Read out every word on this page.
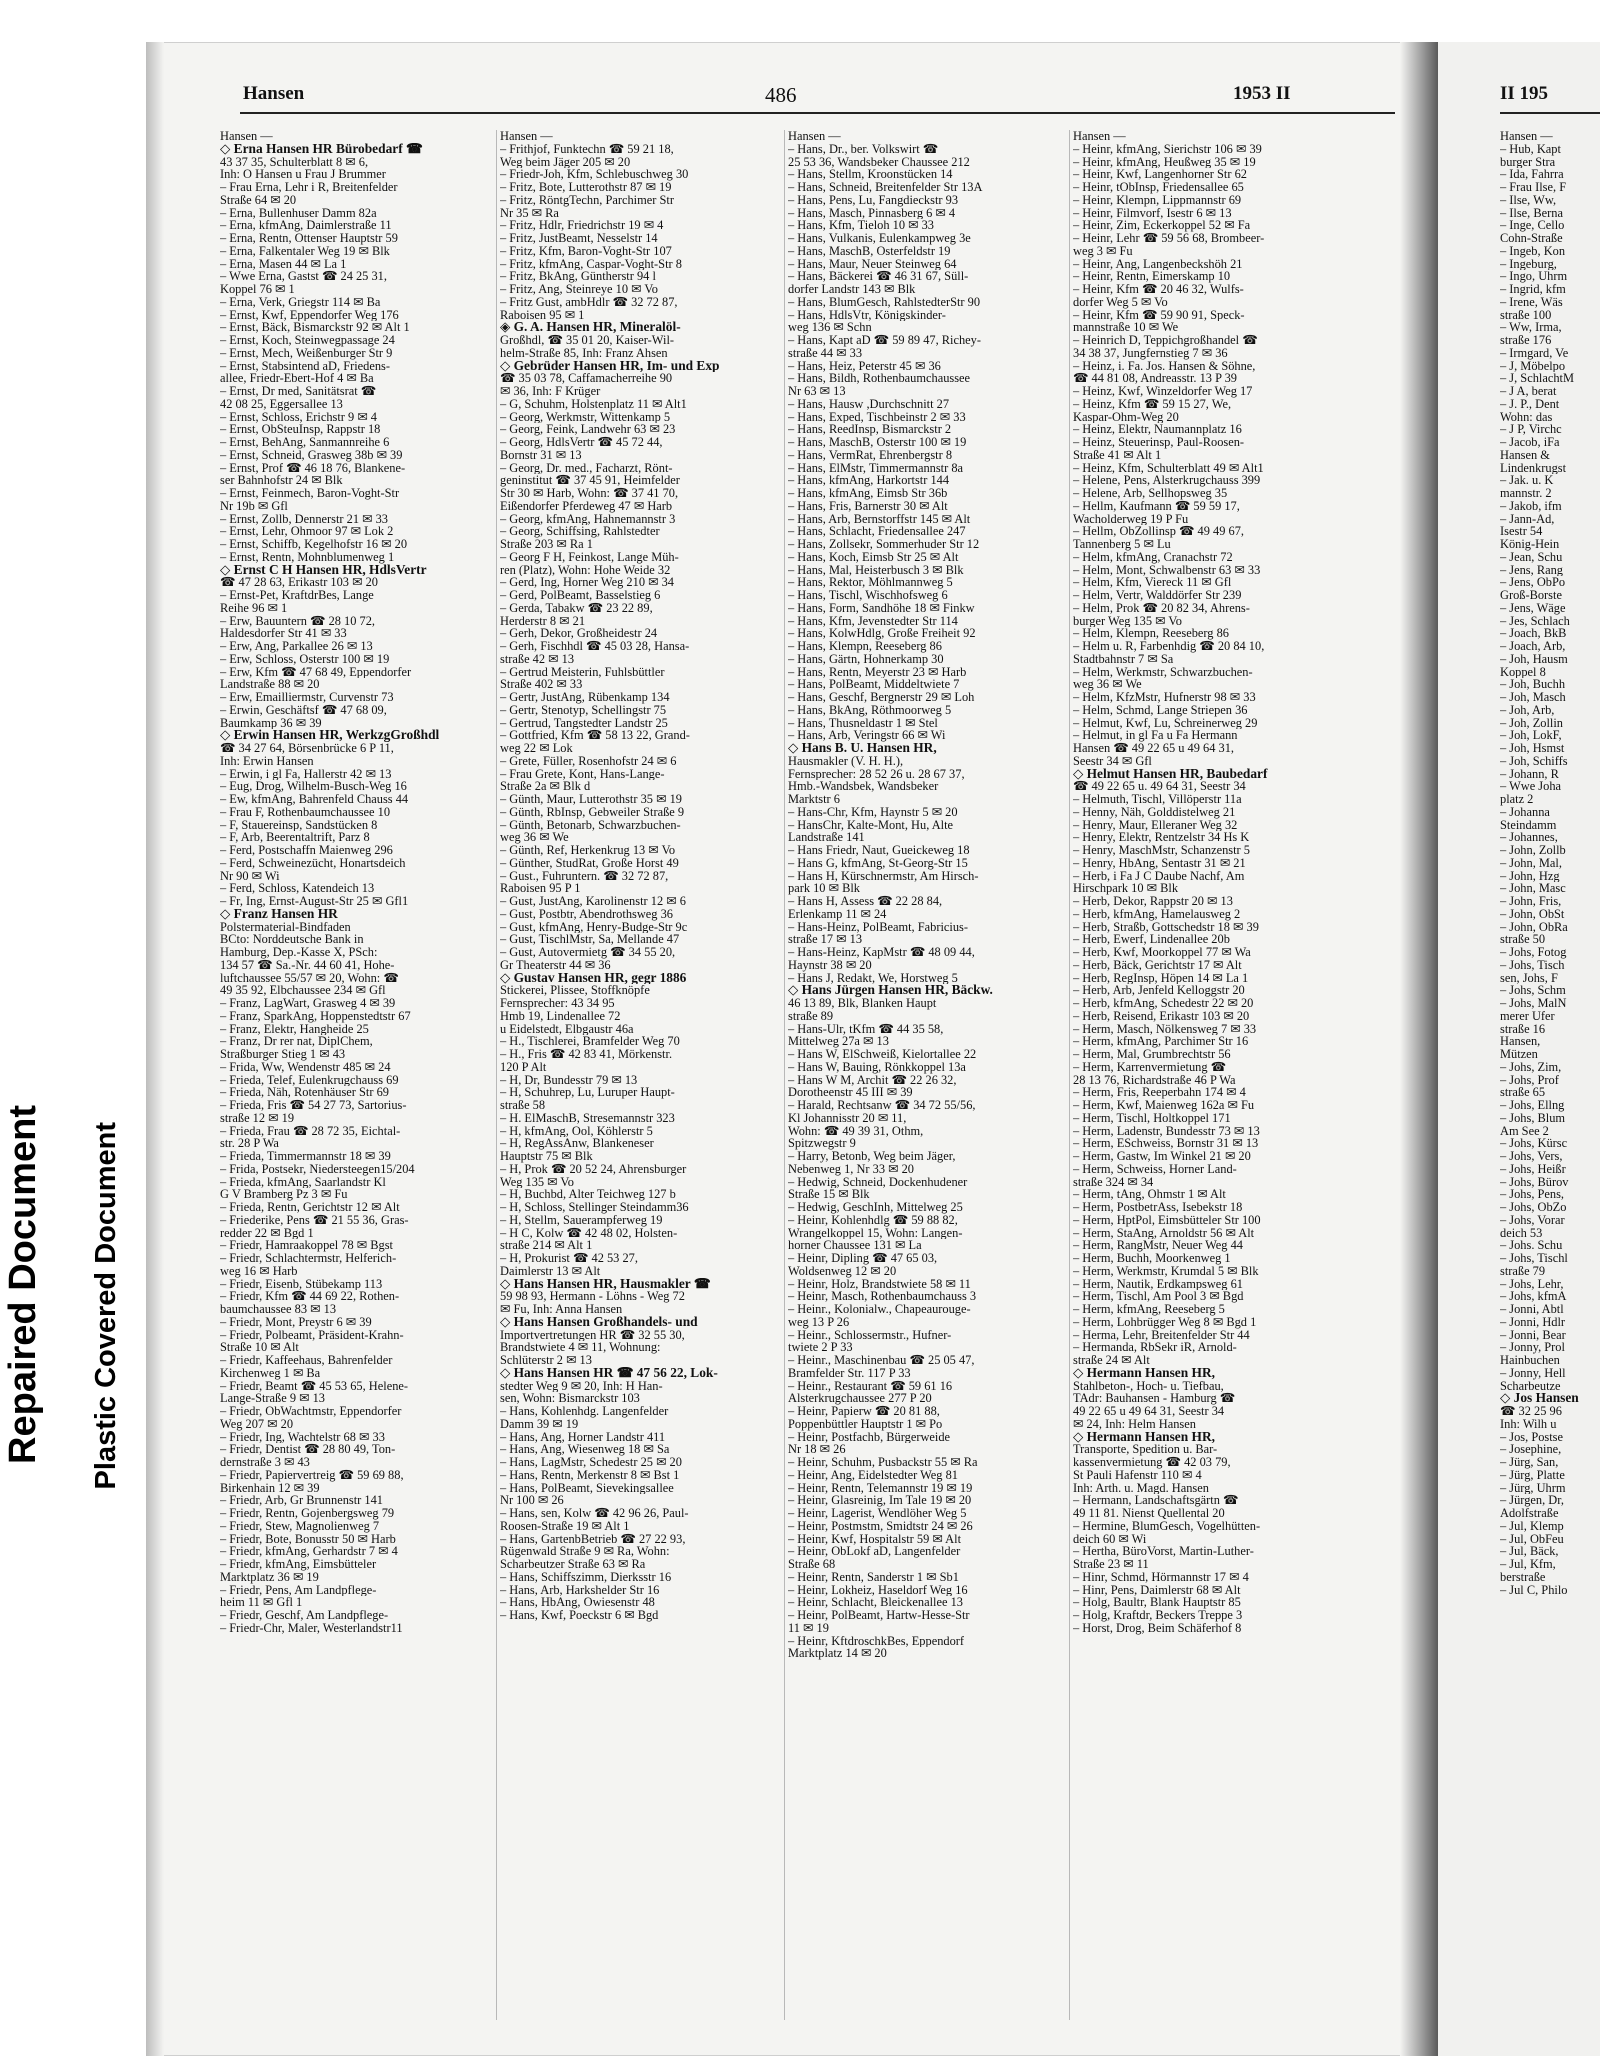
Repaired Document Plastic Covered Document
Hansen	486	1953 II	II 195
Hansen —
◇ Erna Hansen HR Bürobedarf ☎
43 37 35, Schulterblatt 8 ✉ 6,
Inh: O Hansen u Frau J Brummer
– Frau Erna, Lehr i R, Breitenfelder
Straße 64 ✉ 20
– Erna, Bullenhuser Damm 82a
– Erna, kfmAng, Daimlerstraße 11
– Erna, Rentn, Ottenser Hauptstr 59
– Erna, Falkentaler Weg 19 ✉ Blk
– Erna, Masen 44 ✉ La 1
– Wwe Erna, Gastst ☎ 24 25 31,
Koppel 76 ✉ 1
– Erna, Verk, Griegstr 114 ✉ Ba
– Ernst, Kwf, Eppendorfer Weg 176
– Ernst, Bäck, Bismarckstr 92 ✉ Alt 1
– Ernst, Koch, Steinwegpassage 24
– Ernst, Mech, Weißenburger Str 9
– Ernst, Stabsintend aD, Friedens-
allee, Friedr-Ebert-Hof 4 ✉ Ba
– Ernst, Dr med, Sanitätsrat ☎
42 08 25, Eggersallee 13
– Ernst, Schloss, Erichstr 9 ✉ 4
– Ernst, ObSteuInsp, Rappstr 18
– Ernst, BehAng, Sanmannreihe 6
– Ernst, Schneid, Grasweg 38b ✉ 39
– Ernst, Prof ☎ 46 18 76, Blankene-
ser Bahnhofstr 24 ✉ Blk
– Ernst, Feinmech, Baron-Voght-Str
Nr 19b ✉ Gfl
– Ernst, Zollb, Dennerstr 21 ✉ 33
– Ernst, Lehr, Ohmoor 97 ✉ Lok 2
– Ernst, Schiffb, Kegelhofstr 16 ✉ 20
– Ernst, Rentn, Mohnblumenweg 1
◇ Ernst C H Hansen HR, HdlsVertr
☎ 47 28 63, Erikastr 103 ✉ 20
– Ernst-Pet, KraftdrBes, Lange
Reihe 96 ✉ 1
– Erw, Bauuntern ☎ 28 10 72,
Haldesdorfer Str 41 ✉ 33
– Erw, Ang, Parkallee 26 ✉ 13
– Erw, Schloss, Osterstr 100 ✉ 19
– Erw, Kfm ☎ 47 68 49, Eppendorfer
Landstraße 88 ✉ 20
– Erw, Emailliermstr, Curvenstr 73
– Erwin, Geschäftsf ☎ 47 68 09,
Baumkamp 36 ✉ 39
◇ Erwin Hansen HR, WerkzgGroßhdl
☎ 34 27 64, Börsenbrücke 6 P 11,
Inh: Erwin Hansen
– Erwin, i gl Fa, Hallerstr 42 ✉ 13
– Eug, Drog, Wilhelm-Busch-Weg 16
– Ew, kfmAng, Bahrenfeld Chauss 44
– Frau F, Rothenbaumchaussee 10
– F, Stauereinsp, Sandstücken 8
– F, Arb, Beerentaltrift, Parz 8
– Ferd, Postschaffn Maienweg 296
– Ferd, Schweinezücht, Honartsdeich
Nr 90 ✉ Wi
– Ferd, Schloss, Katendeich 13
– Fr, Ing, Ernst-August-Str 25 ✉ Gfl1
◇ Franz Hansen HR
Polstermaterial-Bindfaden
BCto: Norddeutsche Bank in
Hamburg, Dep.-Kasse X, PSch:
134 57 ☎ Sa.-Nr. 44 60 41, Hohe-
luftchaussee 55/57 ✉ 20, Wohn: ☎
49 35 92, Elbchaussee 234 ✉ Gfl
– Franz, LagWart, Grasweg 4 ✉ 39
– Franz, SparkAng, Hoppenstedtstr 67
– Franz, Elektr, Hangheide 25
– Franz, Dr rer nat, DiplChem,
Straßburger Stieg 1 ✉ 43
– Frida, Ww, Wendenstr 485 ✉ 24
– Frieda, Telef, Eulenkrugchauss 69
– Frieda, Näh, Rotenhäuser Str 69
– Frieda, Fris ☎ 54 27 73, Sartorius-
straße 12 ✉ 19
– Frieda, Frau ☎ 28 72 35, Eichtal-
str. 28 P Wa
– Frieda, Timmermannstr 18 ✉ 39
– Frida, Postsekr, Niedersteegen15/204
– Frieda, kfmAng, Saarlandstr Kl
G V Bramberg Pz 3 ✉ Fu
– Frieda, Rentn, Gerichtstr 12 ✉ Alt
– Friederike, Pens ☎ 21 55 36, Gras-
redder 22 ✉ Bgd 1
– Friedr, Hamraakoppel 78 ✉ Bgst
– Friedr, Schlachtermstr, Helferich-
weg 16 ✉ Harb
– Friedr, Eisenb, Stübekamp 113
– Friedr, Kfm ☎ 44 69 22, Rothen-
baumchaussee 83 ✉ 13
– Friedr, Mont, Preystr 6 ✉ 39
– Friedr, Polbeamt, Präsident-Krahn-
Straße 10 ✉ Alt
– Friedr, Kaffeehaus, Bahrenfelder
Kirchenweg 1 ✉ Ba
– Friedr, Beamt ☎ 45 53 65, Helene-
Lange-Straße 9 ✉ 13
– Friedr, ObWachtmstr, Eppendorfer
Weg 207 ✉ 20
– Friedr, Ing, Wachtelstr 68 ✉ 33
– Friedr, Dentist ☎ 28 80 49, Ton-
dernstraße 3 ✉ 43
– Friedr, Papiervertreig ☎ 59 69 88,
Birkenhain 12 ✉ 39
– Friedr, Arb, Gr Brunnenstr 141
– Friedr, Rentn, Gojenbergsweg 79
– Friedr, Stew, Magnolienweg 7
– Friedr, Bote, Bonusstr 50 ✉ Harb
– Friedr, kfmAng, Gerhardstr 7 ✉ 4
– Friedr, kfmAng, Eimsbütteler
Marktplatz 36 ✉ 19
– Friedr, Pens, Am Landpflege-
heim 11 ✉ Gfl 1
– Friedr, Geschf, Am Landpflege-
– Friedr-Chr, Maler, Westerlandstr11
Hansen —
– Frithjof, Funktechn ☎ 59 21 18,
Weg beim Jäger 205 ✉ 20
– Friedr-Joh, Kfm, Schlebuschweg 30
– Fritz, Bote, Lutterothstr 87 ✉ 19
– Fritz, RöntgTechn, Parchimer Str
Nr 35 ✉ Ra
– Fritz, Hdlr, Friedrichstr 19 ✉ 4
– Fritz, JustBeamt, Nesselstr 14
– Fritz, Kfm, Baron-Voght-Str 107
– Fritz, kfmAng, Caspar-Voght-Str 8
– Fritz, BkAng, Güntherstr 94 l
– Fritz, Ang, Steinreye 10 ✉ Vo
– Fritz Gust, ambHdlr ☎ 32 72 87,
Raboisen 95 ✉ 1
◈ G. A. Hansen HR, Mineralöl-
Großhdl, ☎ 35 01 20, Kaiser-Wil-
helm-Straße 85, Inh: Franz Ahsen
◇ Gebrüder Hansen HR, Im- und Exp
☎ 35 03 78, Caffamacherreihe 90
✉ 36, Inh: F Krüger
– G, Schuhm, Holstenplatz 11 ✉ Alt1
– Georg, Werkmstr, Wittenkamp 5
– Georg, Feink, Landwehr 63 ✉ 23
– Georg, HdlsVertr ☎ 45 72 44,
Bornstr 31 ✉ 13
– Georg, Dr. med., Facharzt, Rönt-
geninstitut ☎ 37 45 91, Heimfelder
Str 30 ✉ Harb, Wohn: ☎ 37 41 70,
Eißendorfer Pferdeweg 47 ✉ Harb
– Georg, kfmAng, Hahnemannstr 3
– Georg, Schiffsing, Rahlstedter
Straße 203 ✉ Ra 1
– Georg F H, Feinkost, Lange Müh-
ren (Platz), Wohn: Hohe Weide 32
– Gerd, Ing, Horner Weg 210 ✉ 34
– Gerd, PolBeamt, Basselstieg 6
– Gerda, Tabakw ☎ 23 22 89,
Herderstr 8 ✉ 21
– Gerh, Dekor, Großheidestr 24
– Gerh, Fischhdl ☎ 45 03 28, Hansa-
straße 42 ✉ 13
– Gertrud Meisterin, Fuhlsbüttler
Straße 402 ✉ 33
– Gertr, JustAng, Rübenkamp 134
– Gertr, Stenotyp, Schellingstr 75
– Gertrud, Tangstedter Landstr 25
– Gottfried, Kfm ☎ 58 13 22, Grand-
weg 22 ✉ Lok
– Grete, Füller, Rosenhofstr 24 ✉ 6
– Frau Grete, Kont, Hans-Lange-
Straße 2a ✉ Blk d
– Günth, Maur, Lutterothstr 35 ✉ 19
– Günth, RbInsp, Gebweiler Straße 9
– Günth, Betonarb, Schwarzbuchen-
weg 36 ✉ We
– Günth, Ref, Herkenkrug 13 ✉ Vo
– Günther, StudRat, Große Horst 49
– Gust., Fuhruntern. ☎ 32 72 87,
Raboisen 95 P 1
– Gust, JustAng, Karolinenstr 12 ✉ 6
– Gust, Postbtr, Abendrothsweg 36
– Gust, kfmAng, Henry-Budge-Str 9c
– Gust, TischlMstr, Sa, Mellande 47
– Gust, Autovermietg ☎ 34 55 20,
Gr Theaterstr 44 ✉ 36
◇ Gustav Hansen HR, gegr 1886
Stickerei, Plissee, Stoffknöpfe
Fernsprecher: 43 34 95
Hmb 19, Lindenallee 72
u Eidelstedt, Elbgaustr 46a
– H., Tischlerei, Bramfelder Weg 70
– H., Fris ☎ 42 83 41, Mörkenstr.
120 P Alt
– H, Dr, Bundesstr 79 ✉ 13
– H, Schuhrep, Lu, Luruper Haupt-
straße 58
– H. ElMaschB, Stresemannstr 323
– H, kfmAng, Ool, Köhlerstr 5
– H, RegAssAnw, Blankeneser
Hauptstr 75 ✉ Blk
– H, Prok ☎ 20 52 24, Ahrensburger
Weg 135 ✉ Vo
– H, Buchbd, Alter Teichweg 127 b
– H, Schloss, Stellinger Steindamm36
– H, Stellm, Sauerampferweg 19
– H C, Kolw ☎ 42 48 02, Holsten-
straße 214 ✉ Alt 1
– H, Prokurist ☎ 42 53 27,
Daimlerstr 13 ✉ Alt
◇ Hans Hansen HR, Hausmakler ☎
59 98 93, Hermann - Löhns - Weg 72
✉ Fu, Inh: Anna Hansen
◇ Hans Hansen Großhandels- und
Importvertretungen HR ☎ 32 55 30,
Brandstwiete 4 ✉ 11, Wohnung:
Schlüterstr 2 ✉ 13
◇ Hans Hansen HR ☎ 47 56 22, Lok-
stedter Weg 9 ✉ 20, Inh: H Han-
sen, Wohn: Bismarckstr 103
– Hans, Kohlenhdg. Langenfelder
Damm 39 ✉ 19
– Hans, Ang, Horner Landstr 411
– Hans, Ang, Wiesenweg 18 ✉ Sa
– Hans, LagMstr, Schedestr 25 ✉ 20
– Hans, Rentn, Merkenstr 8 ✉ Bst 1
– Hans, PolBeamt, Sievekingsallee
Nr 100 ✉ 26
– Hans, sen, Kolw ☎ 42 96 26, Paul-
Roosen-Straße 19 ✉ Alt 1
– Hans, GartenbBetrieb ☎ 27 22 93,
Rügenwald Straße 9 ✉ Ra, Wohn:
Scharbeutzer Straße 63 ✉ Ra
– Hans, Schiffszimm, Dierksstr 16
– Hans, Arb, Harkshelder Str 16
– Hans, HbAng, Owiesenstr 48
– Hans, Kwf, Poeckstr 6 ✉ Bgd
Hansen —
– Hans, Dr., ber. Volkswirt ☎
25 53 36, Wandsbeker Chaussee 212
– Hans, Stellm, Kroonstücken 14
– Hans, Schneid, Breitenfelder Str 13A
– Hans, Pens, Lu, Fangdieckstr 93
– Hans, Masch, Pinnasberg 6 ✉ 4
– Hans, Kfm, Tieloh 10 ✉ 33
– Hans, Vulkanis, Eulenkampweg 3e
– Hans, MaschB, Osterfeldstr 19
– Hans, Maur, Neuer Steinweg 64
– Hans, Bäckerei ☎ 46 31 67, Süll-
dorfer Landstr 143 ✉ Blk
– Hans, BlumGesch, RahlstedterStr 90
– Hans, HdlsVtr, Königskinder-
weg 136 ✉ Schn
– Hans, Kapt aD ☎ 59 89 47, Richey-
straße 44 ✉ 33
– Hans, Heiz, Peterstr 45 ✉ 36
– Hans, Bildh, Rothenbaumchaussee
Nr 63 ✉ 13
– Hans, Hausw ,Durchschnitt 27
– Hans, Exped, Tischbeinstr 2 ✉ 33
– Hans, ReedInsp, Bismarckstr 2
– Hans, MaschB, Osterstr 100 ✉ 19
– Hans, VermRat, Ehrenbergstr 8
– Hans, ElMstr, Timmermannstr 8a
– Hans, kfmAng, Harkortstr 144
– Hans, kfmAng, Eimsb Str 36b
– Hans, Fris, Barnerstr 30 ✉ Alt
– Hans, Arb, Bernstorffstr 145 ✉ Alt
– Hans, Schlacht, Friedensallee 247
– Hans, Zollsekr, Sommerhuder Str 12
– Hans, Koch, Eimsb Str 25 ✉ Alt
– Hans, Mal, Heisterbusch 3 ✉ Blk
– Hans, Rektor, Möhlmannweg 5
– Hans, Tischl, Wischhofsweg 6
– Hans, Form, Sandhöhe 18 ✉ Finkw
– Hans, Kfm, Jevenstedter Str 114
– Hans, KolwHdlg, Große Freiheit 92
– Hans, Klempn, Reeseberg 86
– Hans, Gärtn, Hohnerkamp 30
– Hans, Rentn, Meyerstr 23 ✉ Harb
– Hans, PolBeamt, Middeltwiete 7
– Hans, Geschf, Bergnerstr 29 ✉ Loh
– Hans, BkAng, Röthmoorweg 5
– Hans, Thusneldastr 1 ✉ Stel
– Hans, Arb, Veringstr 66 ✉ Wi
◇ Hans B. U. Hansen HR,
Hausmakler (V. H. H.),
Fernsprecher: 28 52 26 u. 28 67 37,
Hmb.-Wandsbek, Wandsbeker
Marktstr 6
– Hans-Chr, Kfm, Haynstr 5 ✉ 20
– HansChr, Kalte-Mont, Hu, Alte
Landstraße 141
– Hans Friedr, Naut, Gueickeweg 18
– Hans G, kfmAng, St-Georg-Str 15
– Hans H, Kürschnermstr, Am Hirsch-
park 10 ✉ Blk
– Hans H, Assess ☎ 22 28 84,
Erlenkamp 11 ✉ 24
– Hans-Heinz, PolBeamt, Fabricius-
straße 17 ✉ 13
– Hans-Heinz, KapMstr ☎ 48 09 44,
Haynstr 38 ✉ 20
– Hans J, Redakt, We, Horstweg 5
◇ Hans Jürgen Hansen HR, Bäckw.
46 13 89, Blk, Blanken Haupt
straße 89
– Hans-Ulr, tKfm ☎ 44 35 58,
Mittelweg 27a ✉ 13
– Hans W, ElSchweiß, Kielortallee 22
– Hans W, Bauing, Rönkkoppel 13a
– Hans W M, Archit ☎ 22 26 32,
Dorotheenstr 45 III ✉ 39
– Harald, Rechtsanw ☎ 34 72 55/56,
Kl Johannisstr 20 ✉ 11,
Wohn: ☎ 49 39 31, Othm,
Spitzwegstr 9
– Harry, Betonb, Weg beim Jäger,
Nebenweg 1, Nr 33 ✉ 20
– Hedwig, Schneid, Dockenhudener
Straße 15 ✉ Blk
– Hedwig, GeschInh, Mittelweg 25
– Heinr, Kohlenhdlg ☎ 59 88 82,
Wrangelkoppel 15, Wohn: Langen-
horner Chaussee 131 ✉ La
– Heinr, Dipling ☎ 47 65 03,
Woldsenweg 12 ✉ 20
– Heinr, Holz, Brandstwiete 58 ✉ 11
– Heinr, Masch, Rothenbaumchauss 3
– Heinr., Kolonialw., Chapeaurouge-
weg 13 P 26
– Heinr., Schlossermstr., Hufner-
twiete 2 P 33
– Heinr., Maschinenbau ☎ 25 05 47,
Bramfelder Str. 117 P 33
– Heinr., Restaurant ☎ 59 61 16
Alsterkrugchaussee 277 P 20
– Heinr, Papierw ☎ 20 81 88,
Poppenbüttler Hauptstr 1 ✉ Po
– Heinr, Postfachb, Bürgerweide
Nr 18 ✉ 26
– Heinr, Schuhm, Pusbackstr 55 ✉ Ra
– Heinr, Ang, Eidelstedter Weg 81
– Heinr, Rentn, Telemannstr 19 ✉ 19
– Heinr, Glasreinig, Im Tale 19 ✉ 20
– Heinr, Lagerist, Wendlöher Weg 5
– Heinr, Postmstm, Smidtstr 24 ✉ 26
– Heinr, Kwf, Hospitalstr 59 ✉ Alt
– Heinr, ObLokf aD, Langenfelder
Straße 68
– Heinr, Rentn, Sanderstr 1 ✉ Sb1
– Heinr, Lokheiz, Haseldorf Weg 16
– Heinr, Schlacht, Bleickenallee 13
– Heinr, PolBeamt, Hartw-Hesse-Str
11 ✉ 19
– Heinr, KftdroschkBes, Eppendorf
Marktplatz 14 ✉ 20
Hansen —
– Heinr, kfmAng, Sierichstr 106 ✉ 39
– Heinr, kfmAng, Heußweg 35 ✉ 19
– Heinr, Kwf, Langenhorner Str 62
– Heinr, tObInsp, Friedensallee 65
– Heinr, Klempn, Lippmannstr 69
– Heinr, Filmvorf, Isestr 6 ✉ 13
– Heinr, Zim, Eckerkoppel 52 ✉ Fa
– Heinr, Lehr ☎ 59 56 68, Brombeer-
weg 3 ✉ Fu
– Heinr, Ang, Langenbeckshöh 21
– Heinr, Rentn, Eimerskamp 10
– Heinr, Kfm ☎ 20 46 32, Wulfs-
dorfer Weg 5 ✉ Vo
– Heinr, Kfm ☎ 59 90 91, Speck-
mannstraße 10 ✉ We
– Heinrich D, Teppichgroßhandel ☎
34 38 37, Jungfernstieg 7 ✉ 36
– Heinz, i. Fa. Jos. Hansen & Söhne,
☎ 44 81 08, Andreasstr. 13 P 39
– Heinz, Kwf, Winzeldorfer Weg 17
– Heinz, Kfm ☎ 59 15 27, We,
Kaspar-Ohm-Weg 20
– Heinz, Elektr, Naumannplatz 16
– Heinz, Steuerinsp, Paul-Roosen-
Straße 41 ✉ Alt 1
– Heinz, Kfm, Schulterblatt 49 ✉ Alt1
– Helene, Pens, Alsterkrugchauss 399
– Helene, Arb, Sellhopsweg 35
– Hellm, Kaufmann ☎ 59 59 17,
Wacholderweg 19 P Fu
– Hellm, ObZollinsp ☎ 49 49 67,
Tannenberg 5 ✉ Lu
– Helm, kfmAng, Cranachstr 72
– Helm, Mont, Schwalbenstr 63 ✉ 33
– Helm, Kfm, Viereck 11 ✉ Gfl
– Helm, Vertr, Walddörfer Str 239
– Helm, Prok ☎ 20 82 34, Ahrens-
burger Weg 135 ✉ Vo
– Helm, Klempn, Reeseberg 86
– Helm u. R, Farbenhdig ☎ 20 84 10,
Stadtbahnstr 7 ✉ Sa
– Helm, Werkmstr, Schwarzbuchen-
weg 36 ✉ We
– Helm, KfzMstr, Hufnerstr 98 ✉ 33
– Helm, Schmd, Lange Striepen 36
– Helmut, Kwf, Lu, Schreinerweg 29
– Helmut, in gl Fa u Fa Hermann
Hansen ☎ 49 22 65 u 49 64 31,
Seestr 34 ✉ Gfl
◇ Helmut Hansen HR, Baubedarf
☎ 49 22 65 u. 49 64 31, Seestr 34
– Helmuth, Tischl, Villöperstr 11a
– Henny, Näh, Golddistelweg 21
– Henry, Maur, Elleraner Weg 32
– Henry, Elektr, Rentzelstr 34 Hs K
– Henry, MaschMstr, Schanzenstr 5
– Henry, HbAng, Sentastr 31 ✉ 21
– Herb, i Fa J C Daube Nachf, Am
Hirschpark 10 ✉ Blk
– Herb, Dekor, Rappstr 20 ✉ 13
– Herb, kfmAng, Hamelausweg 2
– Herb, Straßb, Gottschedstr 18 ✉ 39
– Herb, Ewerf, Lindenallee 20b
– Herb, Kwf, Moorkoppel 77 ✉ Wa
– Herb, Bäck, Gerichtstr 17 ✉ Alt
– Herb, RegInsp, Höpen 14 ✉ La 1
– Herb, Arb, Jenfeld Kelloggstr 20
– Herb, kfmAng, Schedestr 22 ✉ 20
– Herb, Reisend, Erikastr 103 ✉ 20
– Herm, Masch, Nölkensweg 7 ✉ 33
– Herm, kfmAng, Parchimer Str 16
– Herm, Mal, Grumbrechtstr 56
– Herm, Karrenvermietung ☎
28 13 76, Richardstraße 46 P Wa
– Herm, Fris, Reeperbahn 174 ✉ 4
– Herm, Kwf, Maienweg 162a ✉ Fu
– Herm, Tischl, Holtkoppel 171
– Herm, Ladenstr, Bundesstr 73 ✉ 13
– Herm, ESchweiss, Bornstr 31 ✉ 13
– Herm, Gastw, Im Winkel 21 ✉ 20
– Herm, Schweiss, Horner Land-
straße 324 ✉ 34
– Herm, tAng, Ohmstr 1 ✉ Alt
– Herm, PostbetrAss, Isebekstr 18
– Herm, HptPol, Eimsbütteler Str 100
– Herm, StaAng, Arnoldstr 56 ✉ Alt
– Herm, RangMstr, Neuer Weg 44
– Herm, Buchh, Moorkenweg 1
– Herm, Werkmstr, Krumdal 5 ✉ Blk
– Herm, Nautik, Erdkampsweg 61
– Herm, Tischl, Am Pool 3 ✉ Bgd
– Herm, kfmAng, Reeseberg 5
– Herm, Lohbrügger Weg 8 ✉ Bgd 1
– Herma, Lehr, Breitenfelder Str 44
– Hermanda, RbSekr iR, Arnold-
straße 24 ✉ Alt
◇ Hermann Hansen HR,
Stahlbeton-, Hoch- u. Tiefbau,
TAdr: Bauhansen - Hamburg ☎
49 22 65 u 49 64 31, Seestr 34
✉ 24, Inh: Helm Hansen
◇ Hermann Hansen HR,
Transporte, Spedition u. Bar-
kassenvermietung ☎ 42 03 79,
St Pauli Hafenstr 110 ✉ 4
Inh: Arth. u. Magd. Hansen
– Hermann, Landschaftsgärtn ☎
49 11 81. Nienst Quellental 20
– Hermine, BlumGesch, Vogelhütten-
deich 60 ✉ Wi
– Hertha, BüroVorst, Martin-Luther-
Straße 23 ✉ 11
– Hinr, Schmd, Hörmannstr 17 ✉ 4
– Hinr, Pens, Daimlerstr 68 ✉ Alt
– Holg, Baultr, Blank Hauptstr 85
– Holg, Kraftdr, Beckers Treppe 3
– Horst, Drog, Beim Schäferhof 8
Hansen —
– Hub, Kapt
burger Stra
– Ida, Fahrra
– Frau Ilse, F
– Ilse, Ww,
– Ilse, Berna
– Inge, Cello
Cohn-Straße
– Ingeb, Kon
– Ingeburg,
– Ingo, Uhrm
– Ingrid, kfm
– Irene, Wäs
straße 100
– Ww, Irma,
straße 176
– Irmgard, Ve
– J, Möbelpo
– J, SchlachtM
– J A, berat
– J. P., Dent
Wohn: das
– J P, Virchc
– Jacob, iFa
Hansen &
Lindenkrugst
– Jak. u. K
mannstr. 2
– Jakob, ifm
– Jann-Ad,
Isestr 54
König-Hein
– Jean, Schu
– Jens, Rang
– Jens, ObPo
Groß-Borste
– Jens, Wäge
– Jes, Schlach
– Joach, BkB
– Joach, Arb,
– Joh, Hausm
Koppel 8
– Joh, Buchh
– Joh, Masch
– Joh, Arb,
– Joh, Zollin
– Joh, LokF,
– Joh, Hsmst
– Joh, Schiffs
– Johann, R
– Wwe Joha
platz 2
– Johanna
Steindamm
– Johannes,
– John, Zollb
– John, Mal,
– John, Hzg
– John, Masc
– John, Fris,
– John, ObSt
– John, ObRa
straße 50
– Johs, Fotog
– Johs, Tisch
sen, Johs, F
– Johs, Schm
– Johs, MalN
merer Ufer
straße 16
Hansen,
Mützen
– Johs, Zim,
– Johs, Prof
straße 65
– Johs, Ellng
– Johs, Blum
Am See 2
– Johs, Kürsc
– Johs, Vers,
– Johs, Heißr
– Johs, Bürov
– Johs, Pens,
– Johs, ObZo
– Johs, Vorar
deich 53
– Johs. Schu
– Johs, Tischl
straße 79
– Johs, Lehr,
– Johs, kfmA
– Jonni, Abtl
– Jonni, Hdlr
– Jonni, Bear
– Jonny, Prol
Hainbuchen
– Jonny, Hell
Scharbeutze
◇ Jos Hansen
☎ 32 25 96
Inh: Wilh u
– Jos, Postse
– Josephine,
– Jürg, San,
– Jürg, Platte
– Jürg, Uhrm
– Jürgen, Dr,
Adolfstraße
– Jul, Klemp
– Jul, ObFeu
– Jul, Bäck,
– Jul, Kfm,
berstraße
– Jul C, Philo
